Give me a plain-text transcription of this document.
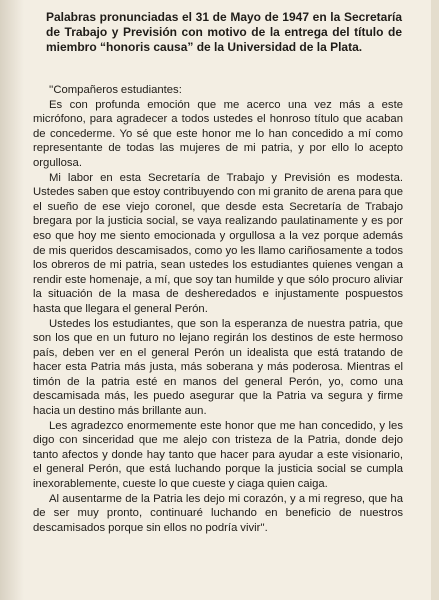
Palabras pronunciadas el 31 de Mayo de 1947 en la Secretaría de Trabajo y Previsión con motivo de la entrega del título de miembro “honoris causa” de la Universidad de la Plata.

''Compañeros estudiantes:

Es con profunda emoción que me acerco una vez más a este micrófono, para agradecer a todos ustedes el honroso título que acaban de concederme. Yo sé que este honor me lo han concedido a mí como representante de todas las mujeres de mi patria, y por ello lo acepto orgullosa.

Mi labor en esta Secretaría de Trabajo y Previsión es modesta. Ustedes saben que estoy contribuyendo con mi granito de arena para que el sueño de ese viejo coronel, que desde esta Secretaría de Trabajo bregara por la justicia social, se vaya realizando paulatinamente y es por eso que hoy me siento emocionada y orgullosa a la vez porque además de mis queridos descamisados, como yo les llamo cariñosamente a todos los obreros de mi patria, sean ustedes los estudiantes quienes vengan a rendir este homenaje, a mí, que soy tan humilde y que sólo procuro aliviar la situación de la masa de desheredados e injustamente pospuestos hasta que llegara el general Perón.

Ustedes los estudiantes, que son la esperanza de nuestra patria, que son los que en un futuro no lejano regirán los destinos de este hermoso país, deben ver en el general Perón un idealista que está tratando de hacer esta Patria más justa, más soberana y más poderosa. Mientras el timón de la patria esté en manos del general Perón, yo, como una descamisada más, les puedo asegurar que la Patria va segura y firme hacia un destino más brillante aun.

Les agradezco enormemente este honor que me han concedido, y les digo con sinceridad que me alejo con tristeza de la Patria, donde dejo tanto afectos y donde hay tanto que hacer para ayudar a este visionario, el general Perón, que está luchando porque la justicia social se cumpla inexorablemente, cueste lo que cueste y ciaga quien caiga.

Al ausentarme de la Patria les dejo mi corazón, y a mi regreso, que ha de ser muy pronto, continuaré luchando en beneficio de nuestros descamisados porque sin ellos no podría vivir''.
